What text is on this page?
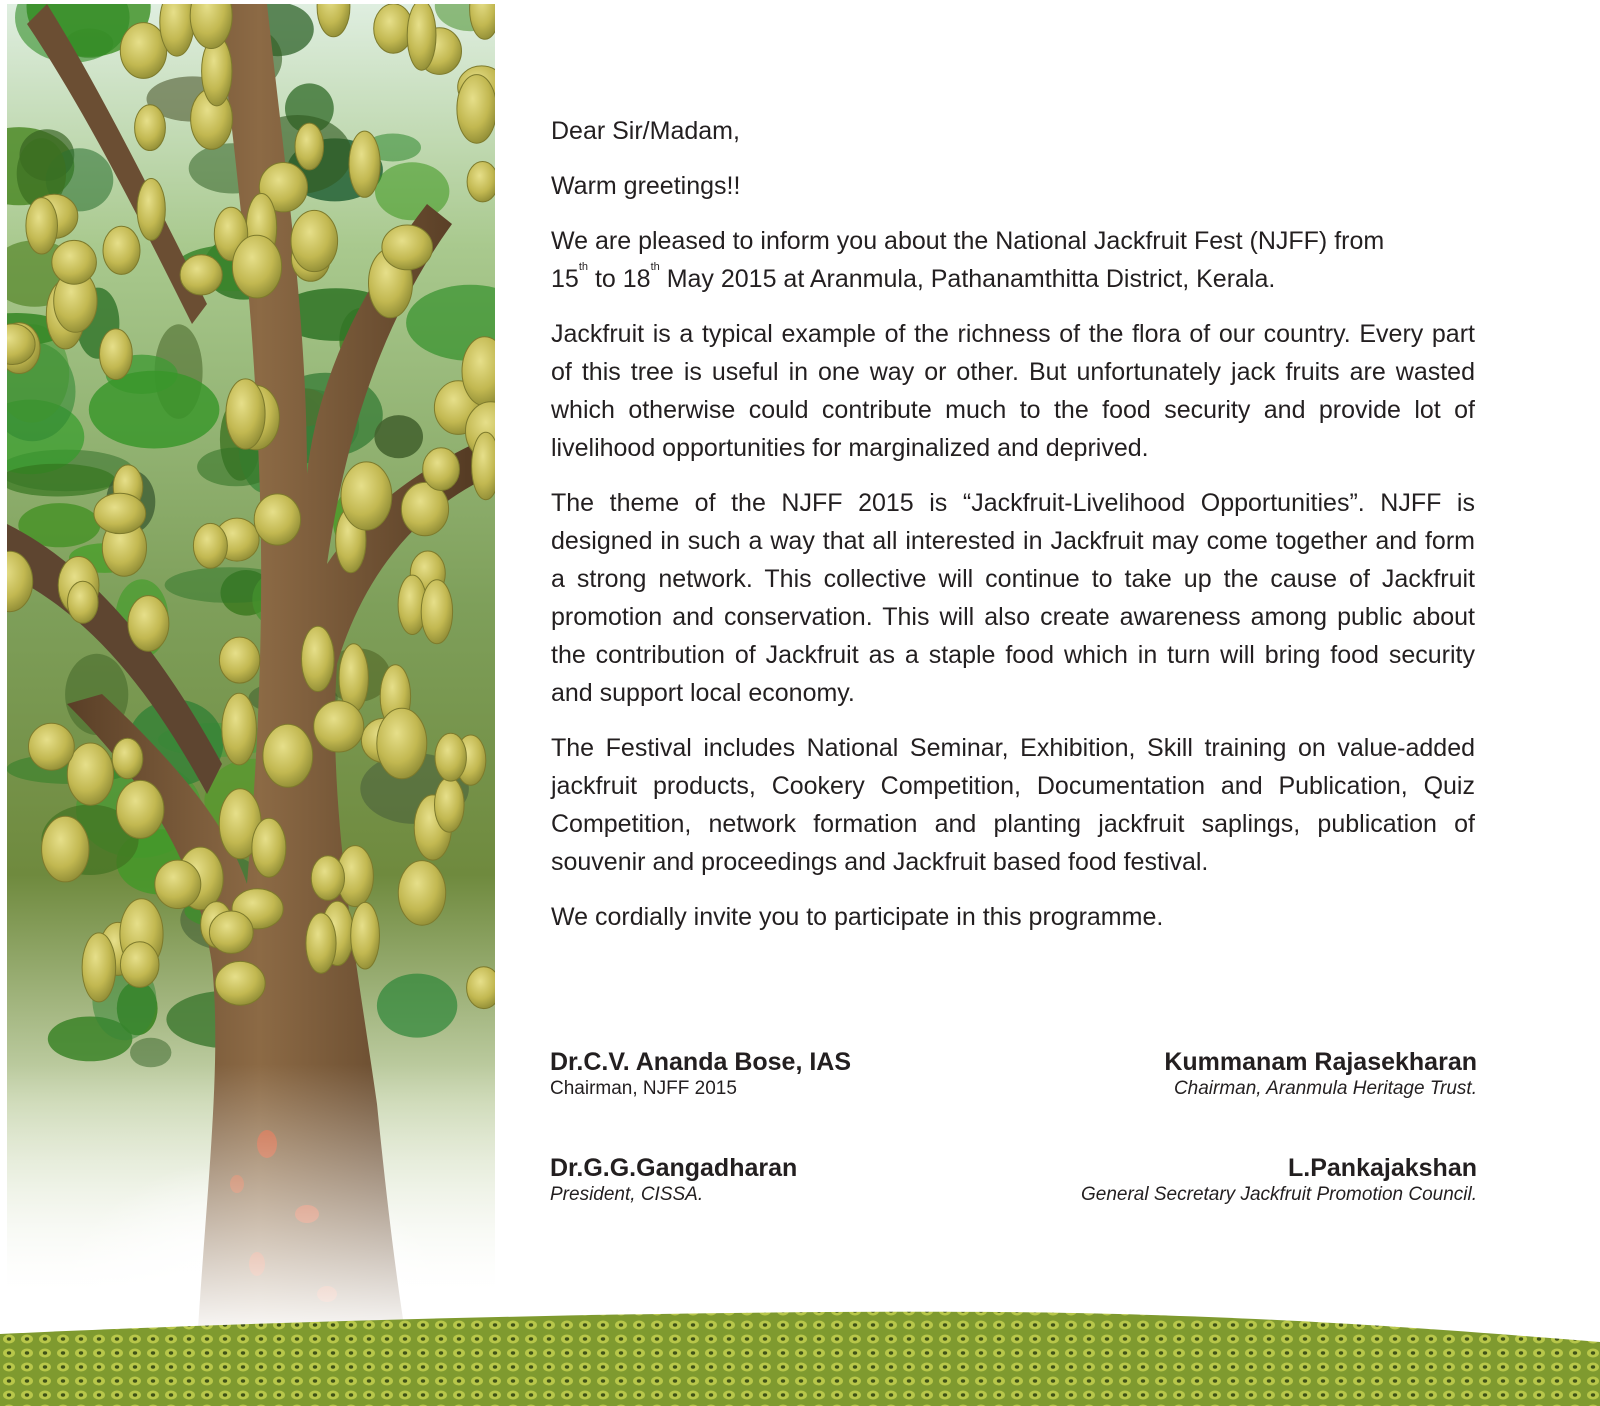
Dear Sir/Madam,

Warm greetings!!

We are pleased to inform you about the National Jackfruit Fest (NJFF) from
15th to 18th May 2015 at Aranmula, Pathanamthitta District, Kerala.

Jackfruit is a typical example of the richness of the flora of our country. Every part of this tree is useful in one way or other. But unfortunately jack fruits are wasted which otherwise could contribute much to the food security and provide lot of livelihood opportunities for marginalized and deprived.

The theme of the NJFF 2015 is “Jackfruit-Livelihood Opportunities”. NJFF is designed in such a way that all interested in Jackfruit may come together and form a strong network. This collective will continue to take up the cause of Jackfruit promotion and conservation. This will also create awareness among public about the contribution of Jackfruit as a staple food which in turn will bring food security and support local economy.

The Festival includes National Seminar, Exhibition, Skill training on value-added jackfruit products, Cookery Competition, Documentation and Publication, Quiz Competition, network formation and planting jackfruit saplings, publication of souvenir and proceedings and Jackfruit based food festival.

We cordially invite you to participate in this programme.

Dr.C.V. Ananda Bose, IAS
Chairman, NJFF 2015
Kummanam Rajasekharan
Chairman, Aranmula Heritage Trust.
Dr.G.G.Gangadharan
President, CISSA.
L.Pankajakshan
General Secretary Jackfruit Promotion Council.
